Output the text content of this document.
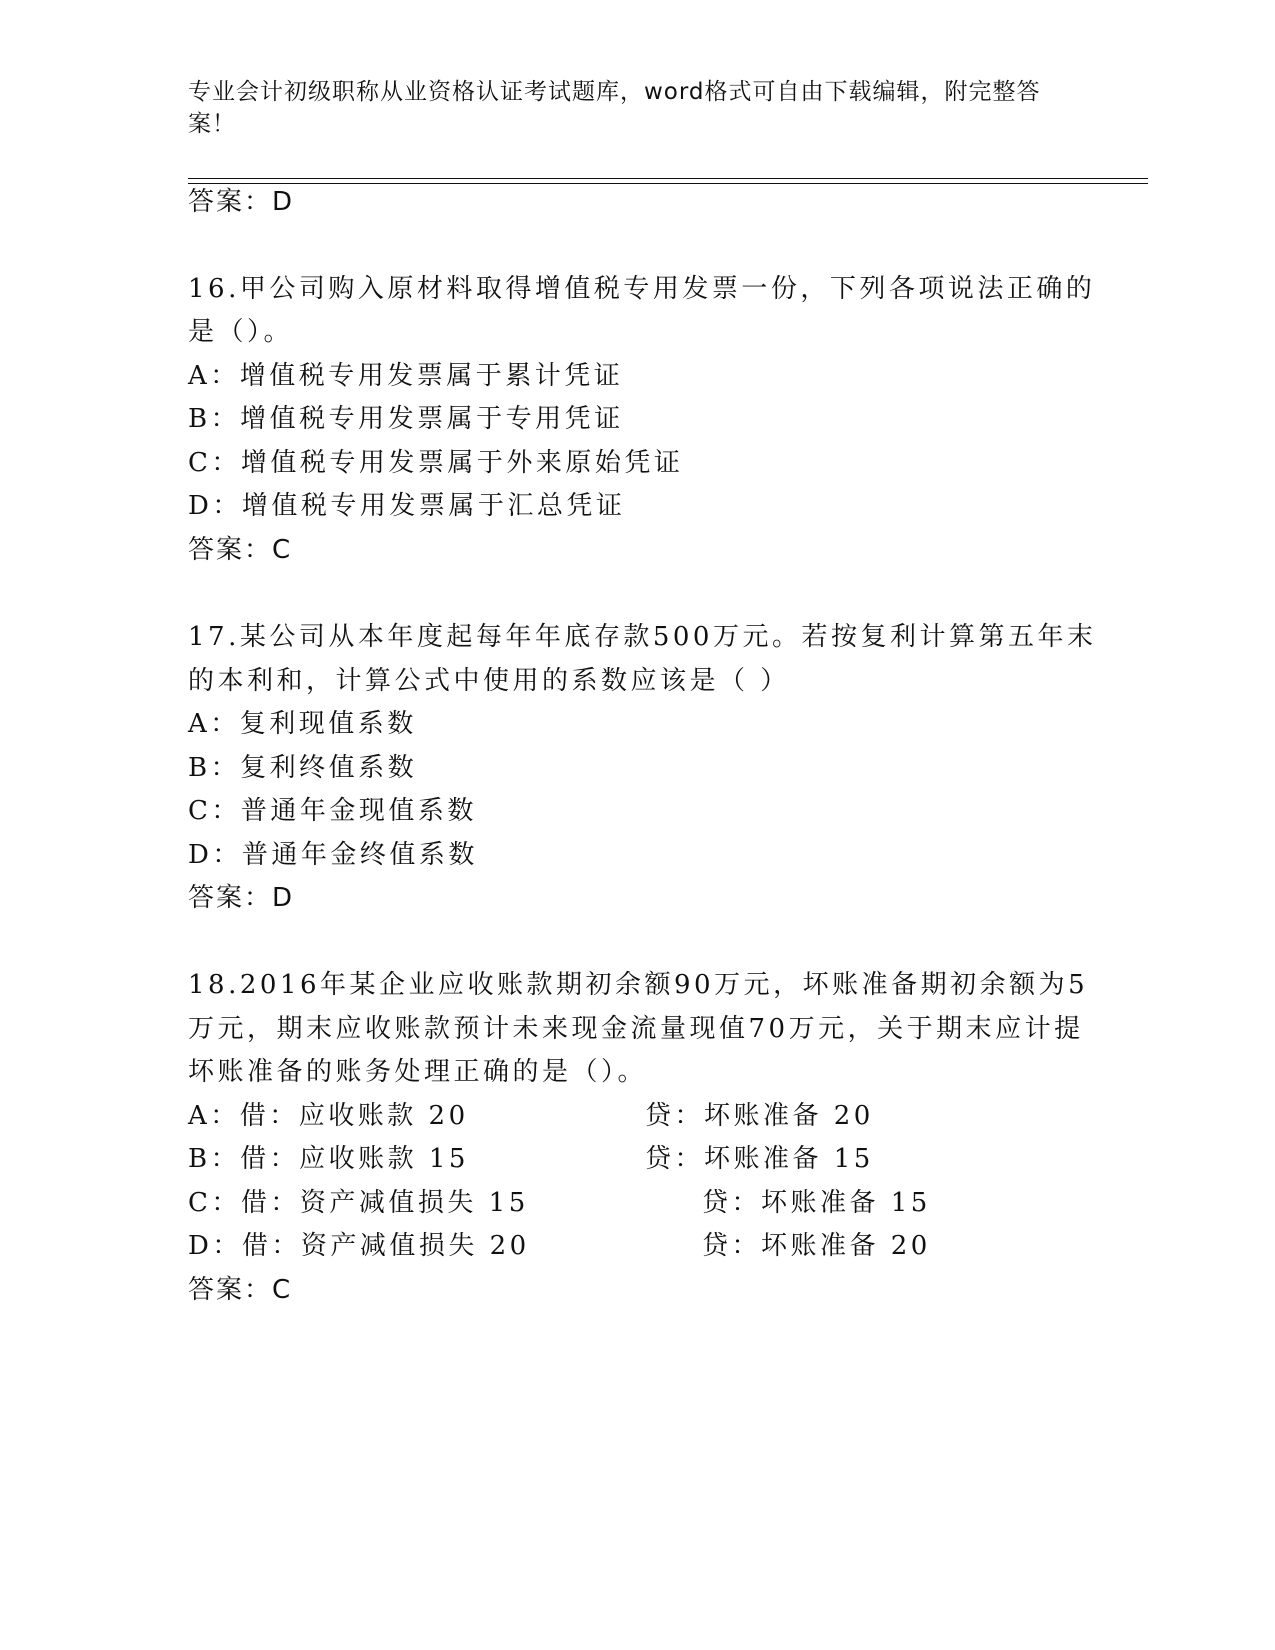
专业会计初级职称从业资格认证考试题库，word格式可自由下载编辑，附完整答案！
答案：D
16.甲公司购入原材料取得增值税专用发票一份，下列各项说法正确的
是（）。
A：增值税专用发票属于累计凭证
B：增值税专用发票属于专用凭证
C：增值税专用发票属于外来原始凭证
D：增值税专用发票属于汇总凭证
答案：C
17.某公司从本年度起每年年底存款500万元。若按复利计算第五年末
的本利和，计算公式中使用的系数应该是（ ）
A：复利现值系数
B：复利终值系数
C：普通年金现值系数
D：普通年金终值系数
答案：D
18.2016年某企业应收账款期初余额90万元，坏账准备期初余额为5
万元，期末应收账款预计未来现金流量现值70万元，关于期末应计提
坏账准备的账务处理正确的是（）。
A：借：应收账款 20	贷：坏账准备 20
B：借：应收账款 15	贷：坏账准备 15
C：借：资产减值损失 15	贷：坏账准备 15
D：借：资产减值损失 20	贷：坏账准备 20
答案：C
